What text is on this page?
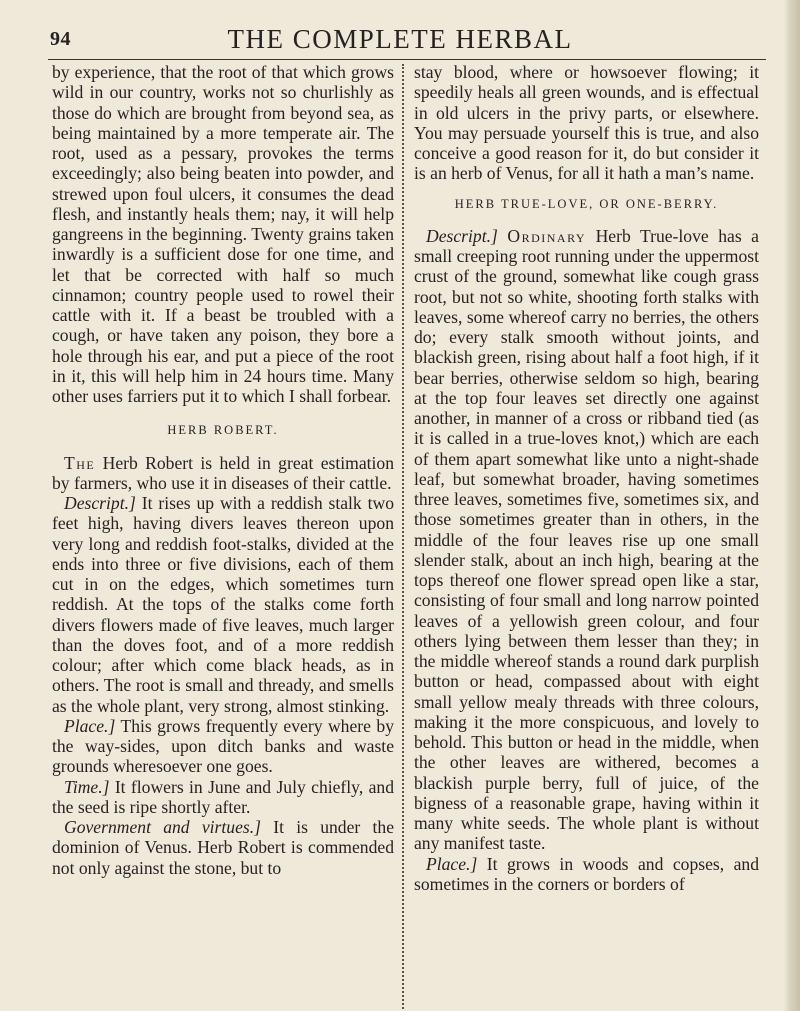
94	THE COMPLETE HERBAL

by experience, that the root of that which grows wild in our country, works not so churlishly as those do which are brought from beyond sea, as being maintained by a more temperate air. The root, used as a pessary, provokes the terms exceedingly; also being beaten into powder, and strewed upon foul ulcers, it consumes the dead flesh, and instantly heals them; nay, it will help gangreens in the beginning. Twenty grains taken inwardly is a sufficient dose for one time, and let that be corrected with half so much cinnamon; country people used to rowel their cattle with it. If a beast be troubled with a cough, or have taken any poison, they bore a hole through his ear, and put a piece of the root in it, this will help him in 24 hours time. Many other uses farriers put it to which I shall forbear.

HERB ROBERT.

The Herb Robert is held in great estimation by farmers, who use it in diseases of their cattle.

Descript.] It rises up with a reddish stalk two feet high, having divers leaves thereon upon very long and reddish foot-stalks, divided at the ends into three or five divisions, each of them cut in on the edges, which sometimes turn reddish. At the tops of the stalks come forth divers flowers made of five leaves, much larger than the doves foot, and of a more reddish colour; after which come black heads, as in others. The root is small and thready, and smells as the whole plant, very strong, almost stinking.

Place.] This grows frequently every where by the way-sides, upon ditch banks and waste grounds wheresoever one goes.

Time.] It flowers in June and July chiefly, and the seed is ripe shortly after.

Government and virtues.] It is under the dominion of Venus. Herb Robert is commended not only against the stone, but to

stay blood, where or howsoever flowing; it speedily heals all green wounds, and is effectual in old ulcers in the privy parts, or elsewhere. You may persuade yourself this is true, and also conceive a good reason for it, do but consider it is an herb of Venus, for all it hath a man’s name.

HERB TRUE-LOVE, OR ONE-BERRY.

Descript.] Ordinary Herb True-love has a small creeping root running under the uppermost crust of the ground, somewhat like cough grass root, but not so white, shooting forth stalks with leaves, some whereof carry no berries, the others do; every stalk smooth without joints, and blackish green, rising about half a foot high, if it bear berries, otherwise seldom so high, bearing at the top four leaves set directly one against another, in manner of a cross or ribband tied (as it is called in a true-loves knot,) which are each of them apart somewhat like unto a night-shade leaf, but somewhat broader, having sometimes three leaves, sometimes five, sometimes six, and those sometimes greater than in others, in the middle of the four leaves rise up one small slender stalk, about an inch high, bearing at the tops thereof one flower spread open like a star, consisting of four small and long narrow pointed leaves of a yellowish green colour, and four others lying between them lesser than they; in the middle whereof stands a round dark purplish button or head, compassed about with eight small yellow mealy threads with three colours, making it the more conspicuous, and lovely to behold. This button or head in the middle, when the other leaves are withered, becomes a blackish purple berry, full of juice, of the bigness of a reasonable grape, having within it many white seeds. The whole plant is without any manifest taste.

Place.] It grows in woods and copses, and sometimes in the corners or borders of
